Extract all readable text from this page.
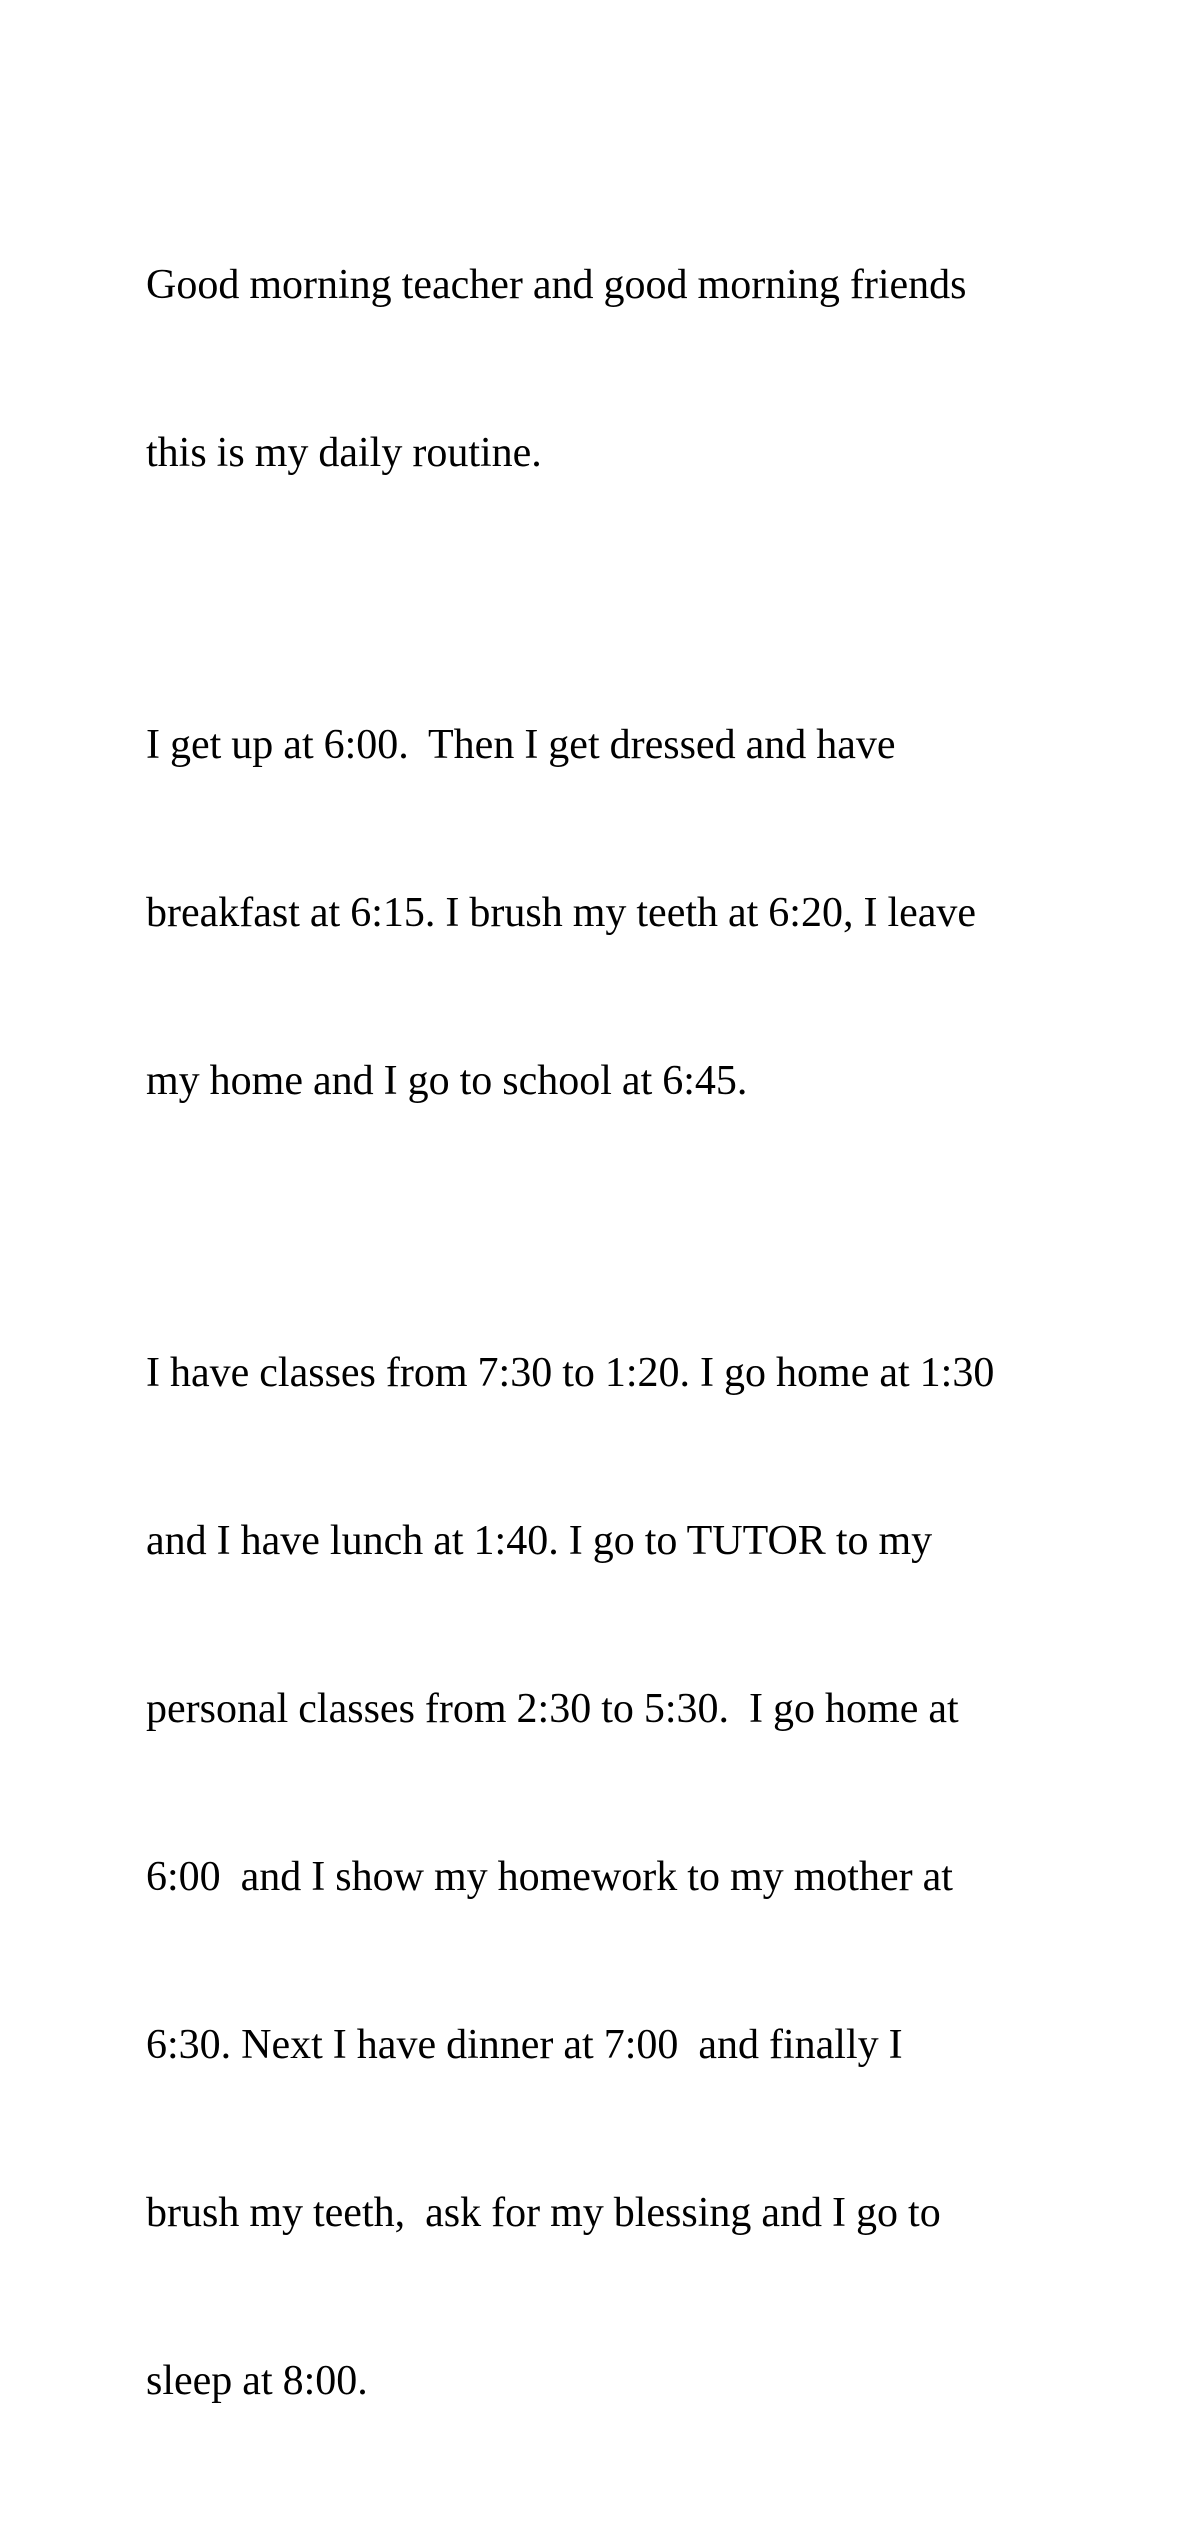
Good morning teacher and good morning friends

this is my daily routine.

I get up at 6:00.  Then I get dressed and have

breakfast at 6:15. I brush my teeth at 6:20, I leave

my home and I go to school at 6:45.

I have classes from 7:30 to 1:20. I go home at 1:30

and I have lunch at 1:40. I go to TUTOR to my

personal classes from 2:30 to 5:30.  I go home at

6:00  and I show my homework to my mother at

6:30. Next I have dinner at 7:00  and finally I

brush my teeth,  ask for my blessing and I go to

sleep at 8:00.
